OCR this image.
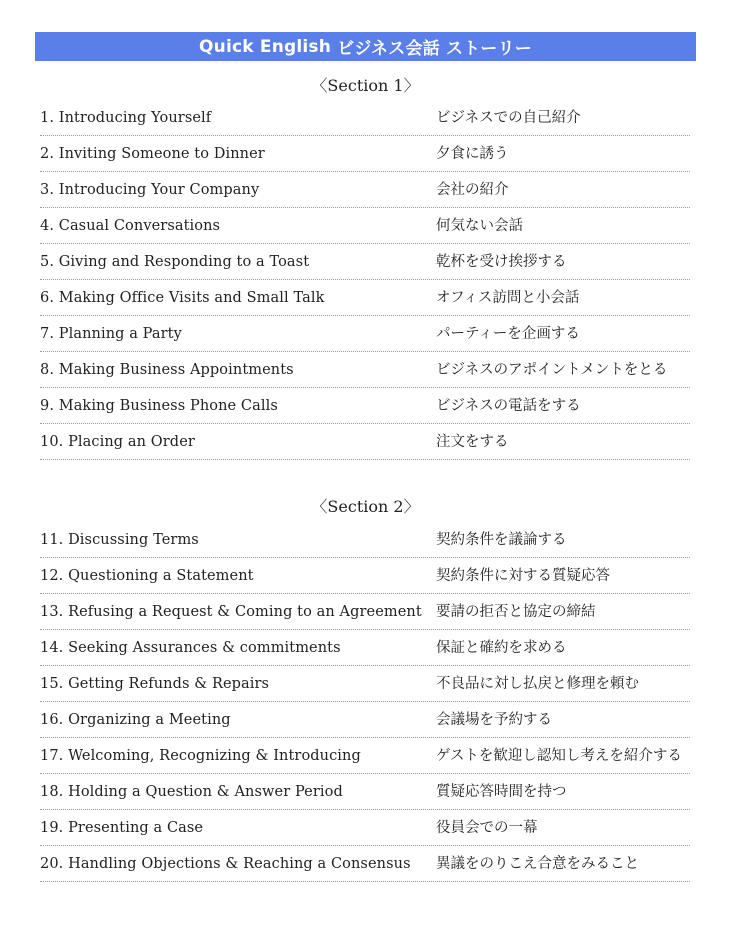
Quick English
ビジネス会話 ストーリー
〈Section 1〉
1. Introducing Yourself	ビジネスでの自己紹介
2. Inviting Someone to Dinner	夕食に誘う
3. Introducing Your Company	会社の紹介
4. Casual Conversations	何気ない会話
5. Giving and Responding to a Toast	乾杯を受け挨拶する
6. Making Office Visits and Small Talk	オフィス訪問と小会話
7. Planning a Party	パーティーを企画する
8. Making Business Appointments	ビジネスのアポイントメントをとる
9. Making Business Phone Calls	ビジネスの電話をする
10. Placing an Order	注文をする
〈Section 2〉
11. Discussing Terms	契約条件を議論する
12. Questioning a Statement	契約条件に対する質疑応答
13. Refusing a Request & Coming to an Agreement 要請の拒否と協定の締結
14. Seeking Assurances & commitments	保証と確約を求める
15. Getting Refunds & Repairs	不良品に対し払戻と修理を頼む
16. Organizing a Meeting	会議場を予約する
17. Welcoming, Recognizing & Introducing	ゲストを歓迎し認知し考えを紹介する
18. Holding a Question & Answer Period	質疑応答時間を持つ
19. Presenting a Case	役員会での一幕
20. Handling Objections & Reaching a Consensus 異議をのりこえ合意をみること
